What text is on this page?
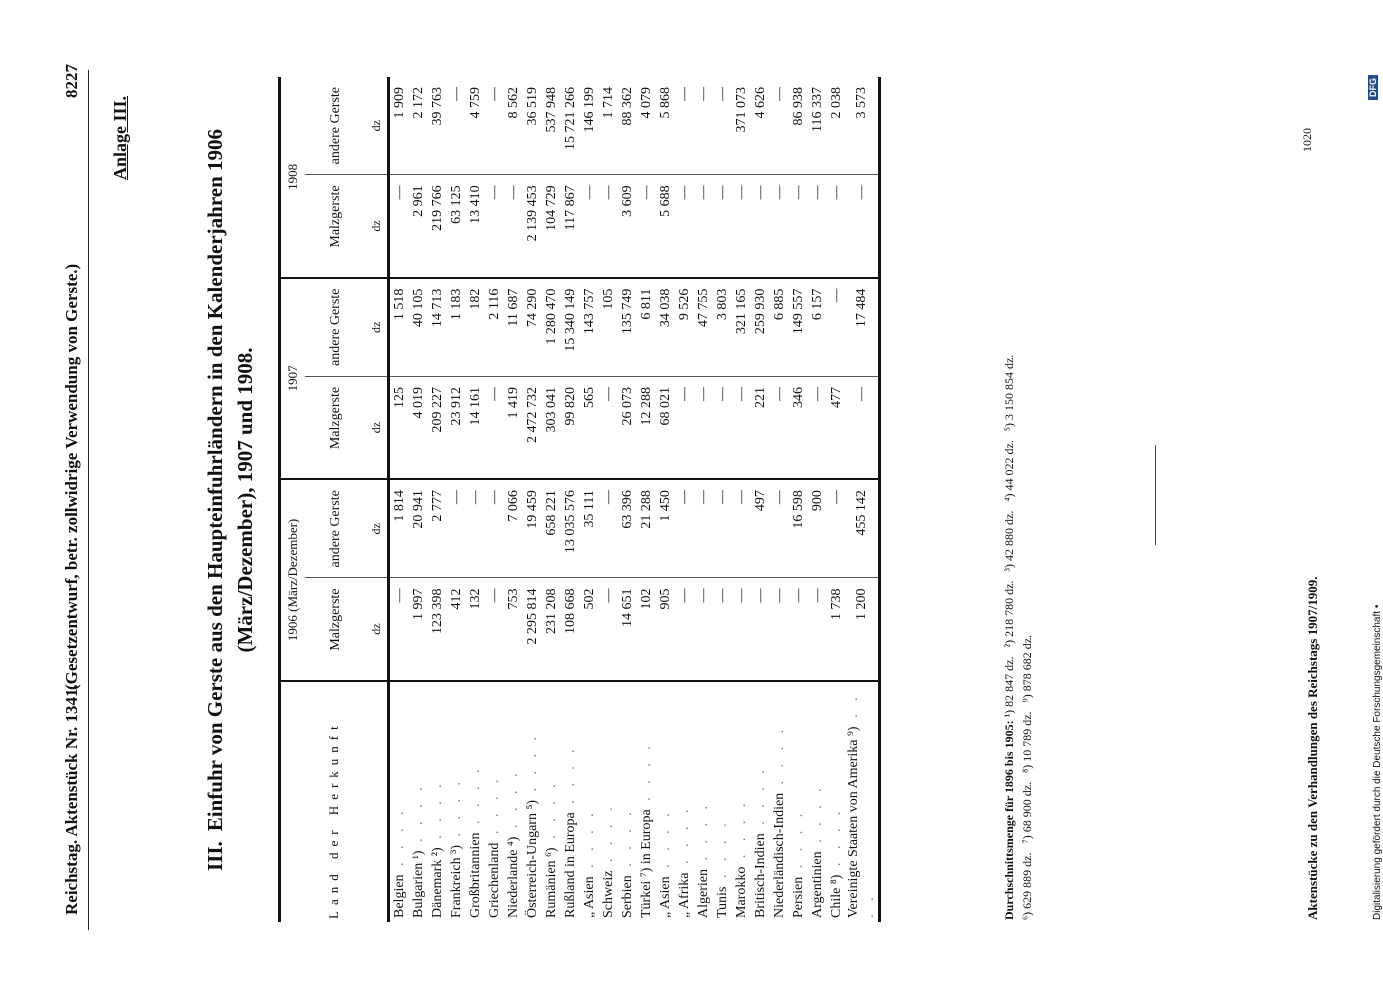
Reichstag. Aktenstück Nr. 1341.
(Gesetzentwurf, betr. zollwidrige Verwendung von Gerste.)
8227
Anlage III.
III.Einfuhr von Gerste aus den Haupteinfuhrländern in den Kalenderjahren 1906 (März/Dezember), 1907 und 1908.
Land der Herkunft	1906 (März/Dezember)		1907		1908	
	Malzgerste	andere Gerste	Malzgerste	andere Gerste	Malzgerste	andere Gerste
	dz	dz	dz	dz	dz	dz
Belgien . . . .	—	1 814	125	1 518	—	1 909
Bulgarien ¹) . . . .	1 997	20 941	4 019	40 105	2 961	2 172
Dänemark ²) . . . .	123 398	2 777	209 227	14 713	219 766	39 763
Frankreich ³) . . . .	412	—	23 912	1 183	63 125	—
Großbritannien . . . .	132	—	14 161	182	13 410	4 759
Griechenland . . . .	—	—	—	2 116	—	—
Niederlande ⁴) . . . .	753	7 066	1 419	11 687	—	8 562
Österreich-Ungarn ⁵) . . . .	2 295 814	19 459	2 472 732	74 290	2 139 453	36 519
Rumänien ⁶) . . . .	231 208	658 221	303 041	1 280 470	104 729	537 948
Rußland in Europa . . . .	108 668	13 035 576	99 820	15 340 149	117 867	15 721 266
„ Asien . . . .	502	35 111	565	143 757	—	146 199
Schweiz . . . .	—	—	—	105	—	1 714
Serbien . . . .	14 651	63 396	26 073	135 749	3 609	88 362
Türkei ⁷) in Europa . . . .	102	21 288	12 288	6 811	—	4 079
„ Asien . . . .	905	1 450	68 021	34 038	5 688	5 868
„ Afrika . . . .	—	—	—	9 526	—	—
Algerien . . . .	—	—	—	47 755	—	—
Tunis . . . .	—	—	—	3 803	—	—
Marokko . . . .	—	—	—	321 165	—	371 073
Britisch-Indien . . . .	—	497	221	259 930	—	4 626
Niederländisch-Indien . . . .	—	—	—	6 885	—	—
Persien . . . .	—	16 598	346	149 557	—	86 938
Argentinien . . . .	—	900	—	6 157	—	116 337
Chile ⁸) . . . .	1 738	—	477	—	—	2 038
Vereinigte Staaten von Amerika ⁹) . . . .	1 200	455 142	—	17 484	—	3 573
Durchschnittsmenge für 1896 bis 1905: ¹) 82 847 dz.   ²) 218 780 dz.   ³) 42 880 dz.   ⁴) 44 022 dz.   ⁵) 3 150 854 dz.
⁶) 629 889 dz.   ⁷) 68 900 dz.   ⁸) 10 789 dz.   ⁹) 878 682 dz.	Aktenstücke zu den Verhandlungen des Reichstags 1907/1909.
1020
Digitalisierung gefördert durch die Deutsche Forschungsgemeinschaft •
DFG
